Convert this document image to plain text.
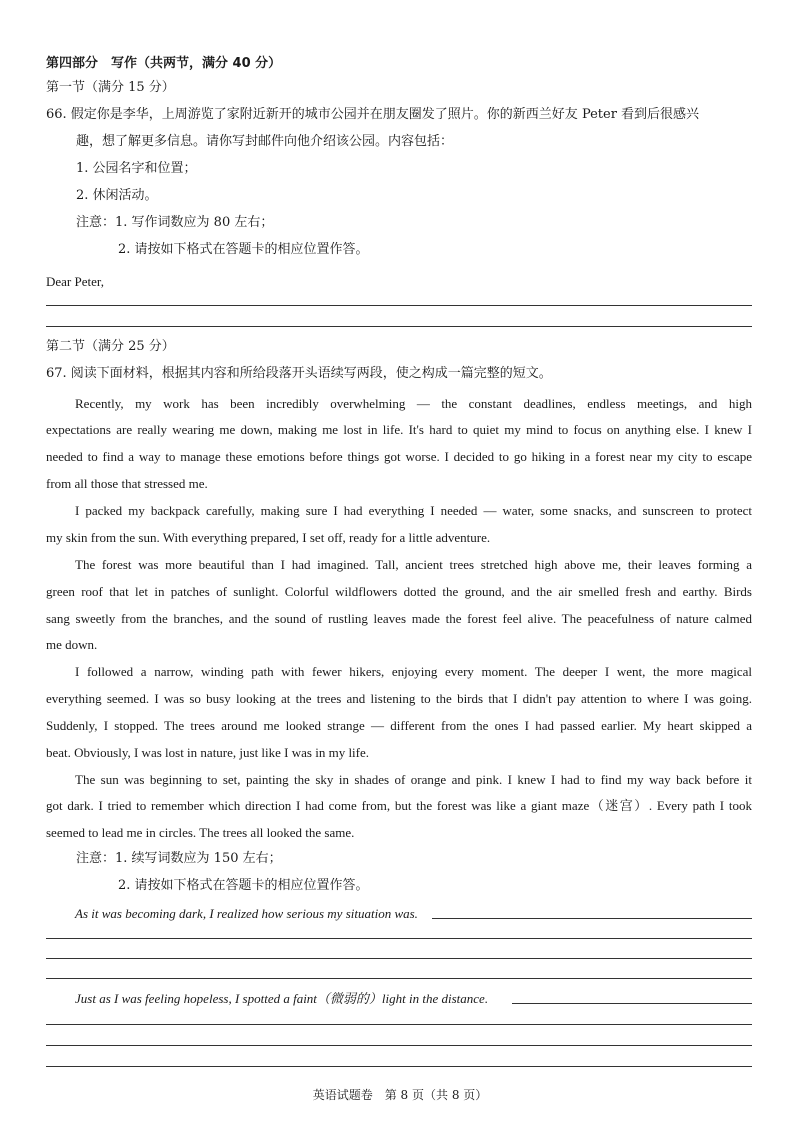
第四部分　写作（共两节，满分 40 分）
第一节（满分 15 分）
66. 假定你是李华，上周游览了家附近新开的城市公园并在朋友圈发了照片。你的新西兰好友 Peter 看到后很感兴
趣，想了解更多信息。请你写封邮件向他介绍该公园。内容包括：
1. 公园名字和位置；
2. 休闲活动。
注意：1. 写作词数应为 80 左右；
2. 请按如下格式在答题卡的相应位置作答。
Dear Peter,
第二节（满分 25 分）
67. 阅读下面材料，根据其内容和所给段落开头语续写两段，使之构成一篇完整的短文。
Recently, my work has been incredibly overwhelming — the constant deadlines, endless meetings, and high
expectations are really wearing me down, making me lost in life. It's hard to quiet my mind to focus on anything else. I knew I
needed to find a way to manage these emotions before things got worse. I decided to go hiking in a forest near my city to escape
from all those that stressed me.
I packed my backpack carefully, making sure I had everything I needed — water, some snacks, and sunscreen to protect
my skin from the sun. With everything prepared, I set off, ready for a little adventure.
The forest was more beautiful than I had imagined. Tall, ancient trees stretched high above me, their leaves forming a
green roof that let in patches of sunlight. Colorful wildflowers dotted the ground, and the air smelled fresh and earthy. Birds
sang sweetly from the branches, and the sound of rustling leaves made the forest feel alive. The peacefulness of nature calmed
me down.
I followed a narrow, winding path with fewer hikers, enjoying every moment. The deeper I went, the more magical
everything seemed. I was so busy looking at the trees and listening to the birds that I didn't pay attention to where I was going.
Suddenly, I stopped. The trees around me looked strange — different from the ones I had passed earlier. My heart skipped a
beat. Obviously, I was lost in nature, just like I was in my life.
The sun was beginning to set, painting the sky in shades of orange and pink. I knew I had to find my way back before it
got dark. I tried to remember which direction I had come from, but the forest was like a giant maze（迷宫）. Every path I took
seemed to lead me in circles. The trees all looked the same.
注意：1. 续写词数应为 150 左右；
2. 请按如下格式在答题卡的相应位置作答。
As it was becoming dark, I realized how serious my situation was.
Just as I was feeling hopeless, I spotted a faint（微弱的）light in the distance.
英语试题卷　第 8 页（共 8 页）
